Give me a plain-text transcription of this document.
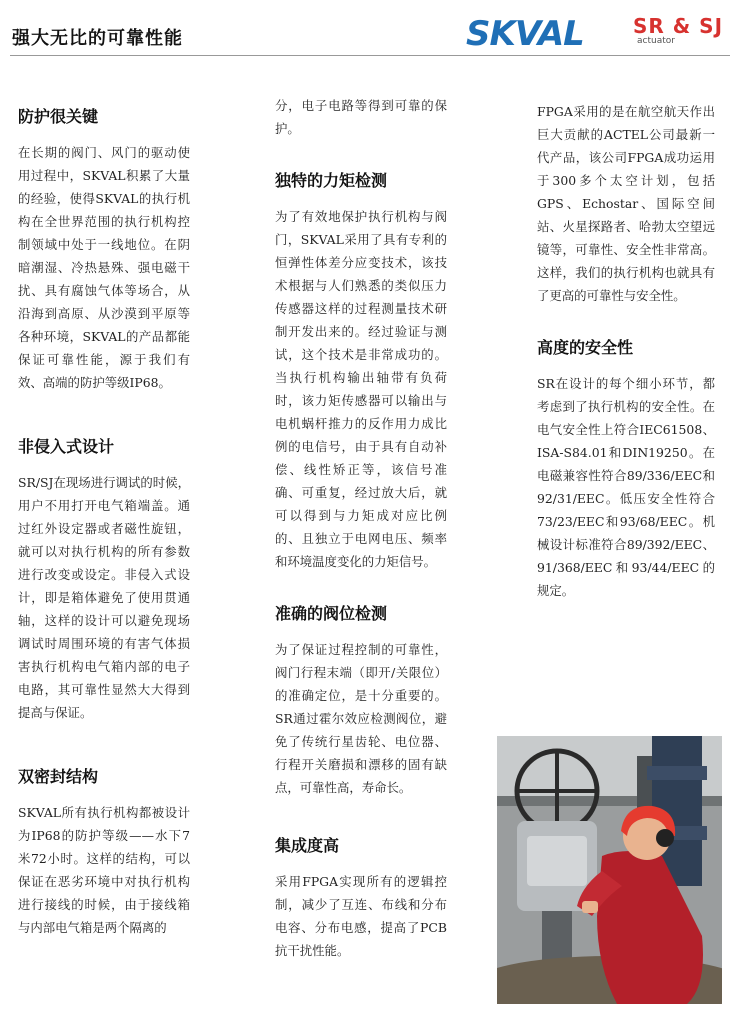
强大无比的可靠性能	SKVAL SR & SJ
actuator
防护很关键

在长期的阀门、风门的驱动使用过程中，SKVAL积累了大量的经验，使得SKVAL的执行机构在全世界范围的执行机构控制领域中处于一线地位。在阴暗潮湿、冷热悬殊、强电磁干扰、具有腐蚀气体等场合，从沿海到高原、从沙漠到平原等各种环境，SKVAL的产品都能保证可靠性能，源于我们有效、高端的防护等级IP68。

非侵入式设计

SR/SJ在现场进行调试的时候，用户不用打开电气箱端盖。通过红外设定器或者磁性旋钮，就可以对执行机构的所有参数进行改变或设定。非侵入式设计，即是箱体避免了使用贯通轴，这样的设计可以避免现场调试时周围环境的有害气体损害执行机构电气箱内部的电子电路，其可靠性显然大大得到提高与保证。

双密封结构

SKVAL所有执行机构都被设计为IP68的防护等级——水下7米72小时。这样的结构，可以保证在恶劣环境中对执行机构进行接线的时候，由于接线箱与内部电气箱是两个隔离的

分，电子电路等得到可靠的保护。

独特的力矩检测

为了有效地保护执行机构与阀门，SKVAL采用了具有专利的恒弹性体差分应变技术，该技术根据与人们熟悉的类似压力传感器这样的过程测量技术研制开发出来的。经过验证与测试，这个技术是非常成功的。当执行机构输出轴带有负荷时，该力矩传感器可以输出与电机蜗杆推力的反作用力成比例的电信号，由于具有自动补偿、线性矫正等，该信号准确、可重复，经过放大后，就可以得到与力矩成对应比例的、且独立于电网电压、频率和环境温度变化的力矩信号。

准确的阀位检测

为了保证过程控制的可靠性，阀门行程末端（即开/关限位）的准确定位，是十分重要的。SR通过霍尔效应检测阀位，避免了传统行星齿轮、电位器、行程开关磨损和漂移的固有缺点，可靠性高，寿命长。

集成度高

采用FPGA实现所有的逻辑控制，减少了互连、布线和分布电容、分布电感，提高了PCB抗干扰性能。

FPGA采用的是在航空航天作出巨大贡献的ACTEL公司最新一代产品，该公司FPGA成功运用于300多个太空计划，包括GPS、Echostar、国际空间站、火星探路者、哈勃太空望远镜等，可靠性、安全性非常高。这样，我们的执行机构也就具有了更高的可靠性与安全性。

高度的安全性

SR在设计的每个细小环节，都考虑到了执行机构的安全性。在电气安全性上符合IEC61508、ISA-S84.01和DIN19250。在电磁兼容性符合89/336/EEC和92/31/EEC。低压安全性符合73/23/EEC和93/68/EEC。机械设计标准符合89/392/EEC、91/368/EEC和93/44/EEC的规定。
